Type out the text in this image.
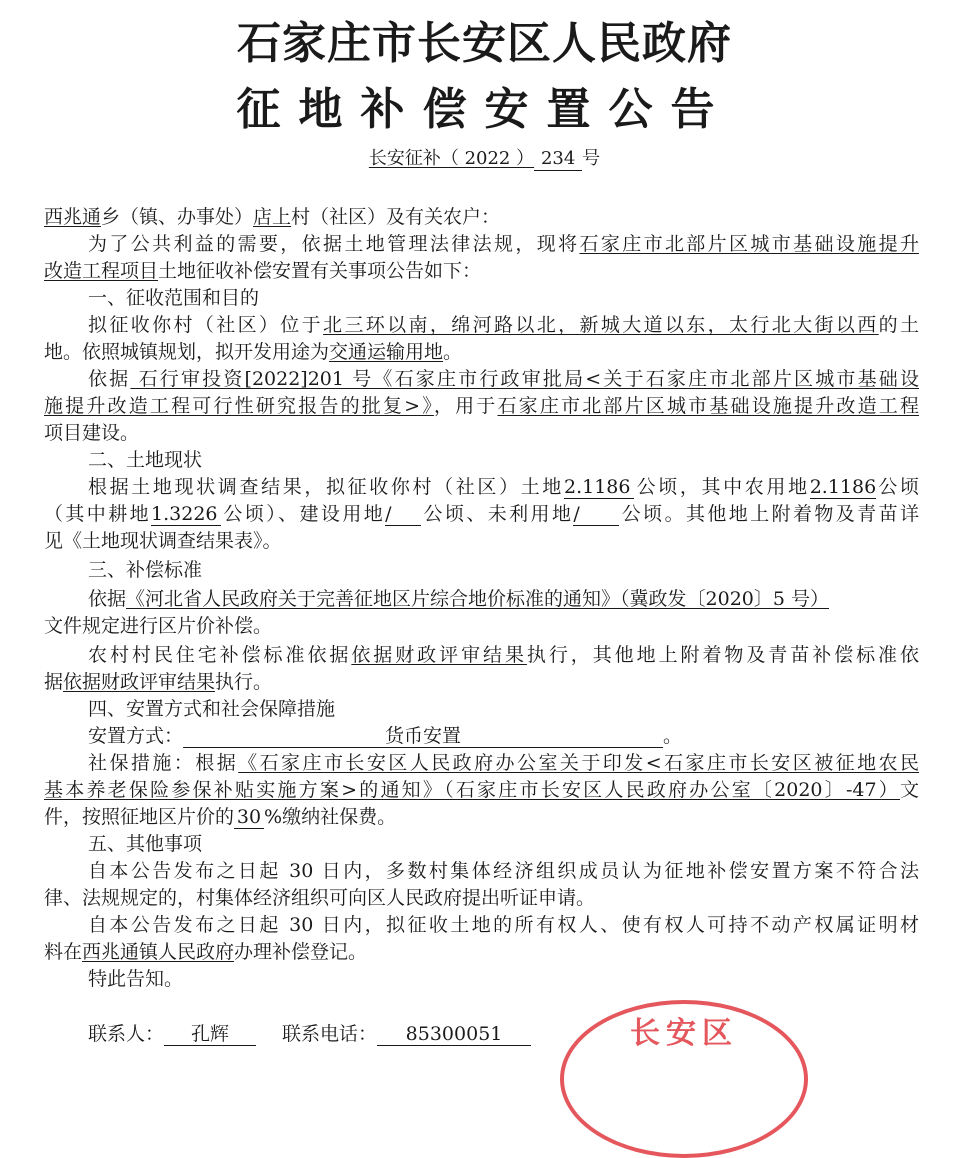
石家庄市长安区人民政府
征地补偿安置公告
长安征补（ 2022 ） 234 号
西兆通乡（镇、办事处）店上村（社区）及有关农户：
为了公共利益的需要，依据土地管理法律法规，现将石家庄市北部片区城市基础设施提升
改造工程项目土地征收补偿安置有关事项公告如下：
一、征收范围和目的
拟征收你村（社区）位于北三环以南，绵河路以北，新城大道以东，太行北大街以西的土
地。依照城镇规划，拟开发用途为交通运输用地。
依据 石行审投资[2022]201 号《石家庄市行政审批局<关于石家庄市北部片区城市基础设
施提升改造工程可行性研究报告的批复>》，用于石家庄市北部片区城市基础设施提升改造工程
项目建设。
二、土地现状
根据土地现状调查结果，拟征收你村（社区）土地2.1186 公顷，其中农用地2.1186公顷
（其中耕地1.3226 公顷）、建设用地/ 公顷、未利用地/ 公顷。其他地上附着物及青苗详
见《土地现状调查结果表》。
三、补偿标准
依据《河北省人民政府关于完善征地区片综合地价标准的通知》（冀政发〔2020〕5 号）
文件规定进行区片价补偿。
农村村民住宅补偿标准依据依据财政评审结果执行，其他地上附着物及青苗补偿标准依
据依据财政评审结果执行。
四、安置方式和社会保障措施
安置方式：	货币安置	。
社保措施：根据《石家庄市长安区人民政府办公室关于印发<石家庄市长安区被征地农民
基本养老保险参保补贴实施方案>的通知》（石家庄市长安区人民政府办公室〔2020〕-47）文
件，按照征地区片价的 30 %缴纳社保费。
五、其他事项
自本公告发布之日起 30 日内，多数村集体经济组织成员认为征地补偿安置方案不符合法
律、法规规定的，村集体经济组织可向区人民政府提出听证申请。
自本公告发布之日起 30 日内，拟征收土地的所有权人、使有权人可持不动产权属证明材
料在西兆通镇人民政府办理补偿登记。
特此告知。
联系人： 孔辉	联系电话： 85300051	长安区
